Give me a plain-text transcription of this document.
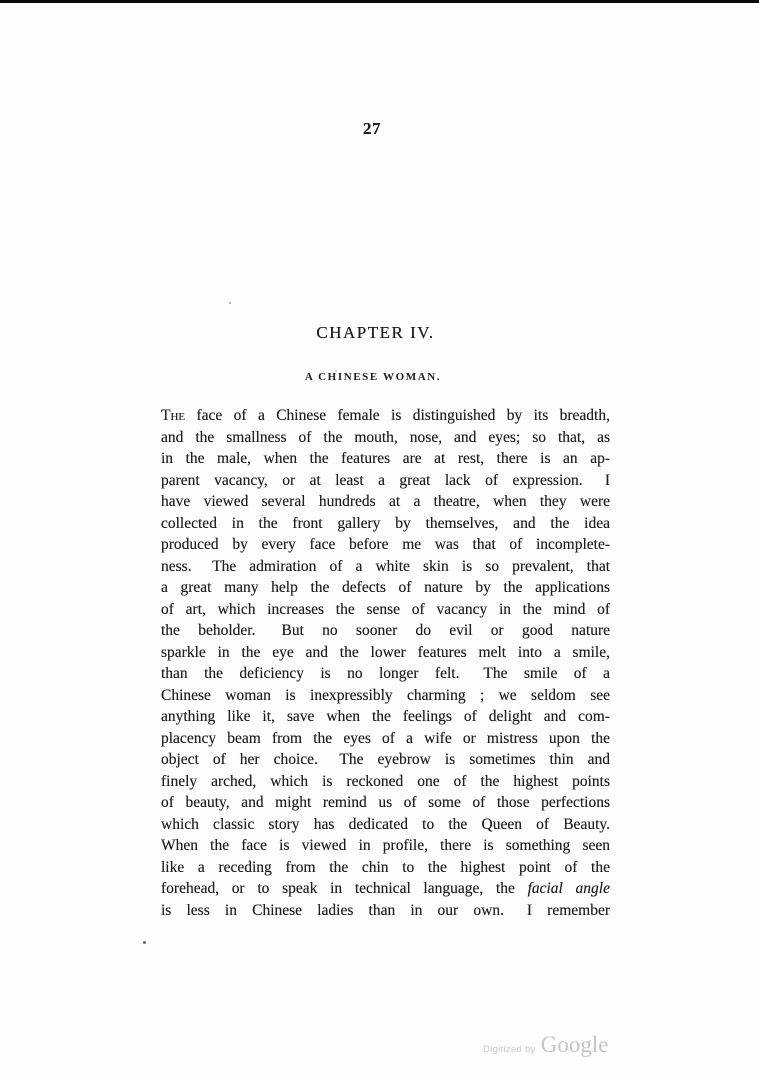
27
CHAPTER IV.
A CHINESE WOMAN.
The face of a Chinese female is distinguished by its breadth,
and the smallness of the mouth, nose, and eyes; so that, as
in the male, when the features are at rest, there is an ap-
parent vacancy, or at least a great lack of expression.  I
have viewed several hundreds at a theatre, when they were
collected in the front gallery by themselves, and the idea
produced by every face before me was that of incomplete-
ness.  The admiration of a white skin is so prevalent, that
a great many help the defects of nature by the applications
of art, which increases the sense of vacancy in the mind of
the beholder.  But no sooner do evil or good nature
sparkle in the eye and the lower features melt into a smile,
than the deficiency is no longer felt.  The smile of a
Chinese woman is inexpressibly charming ; we seldom see
anything like it, save when the feelings of delight and com-
placency beam from the eyes of a wife or mistress upon the
object of her choice.  The eyebrow is sometimes thin and
finely arched, which is reckoned one of the highest points
of beauty, and might remind us of some of those perfections
which classic story has dedicated to the Queen of Beauty.
When the face is viewed in profile, there is something seen
like a receding from the chin to the highest point of the
forehead, or to speak in technical language, the facial angle
is less in Chinese ladies than in our own.  I remember
Digitized by Google
